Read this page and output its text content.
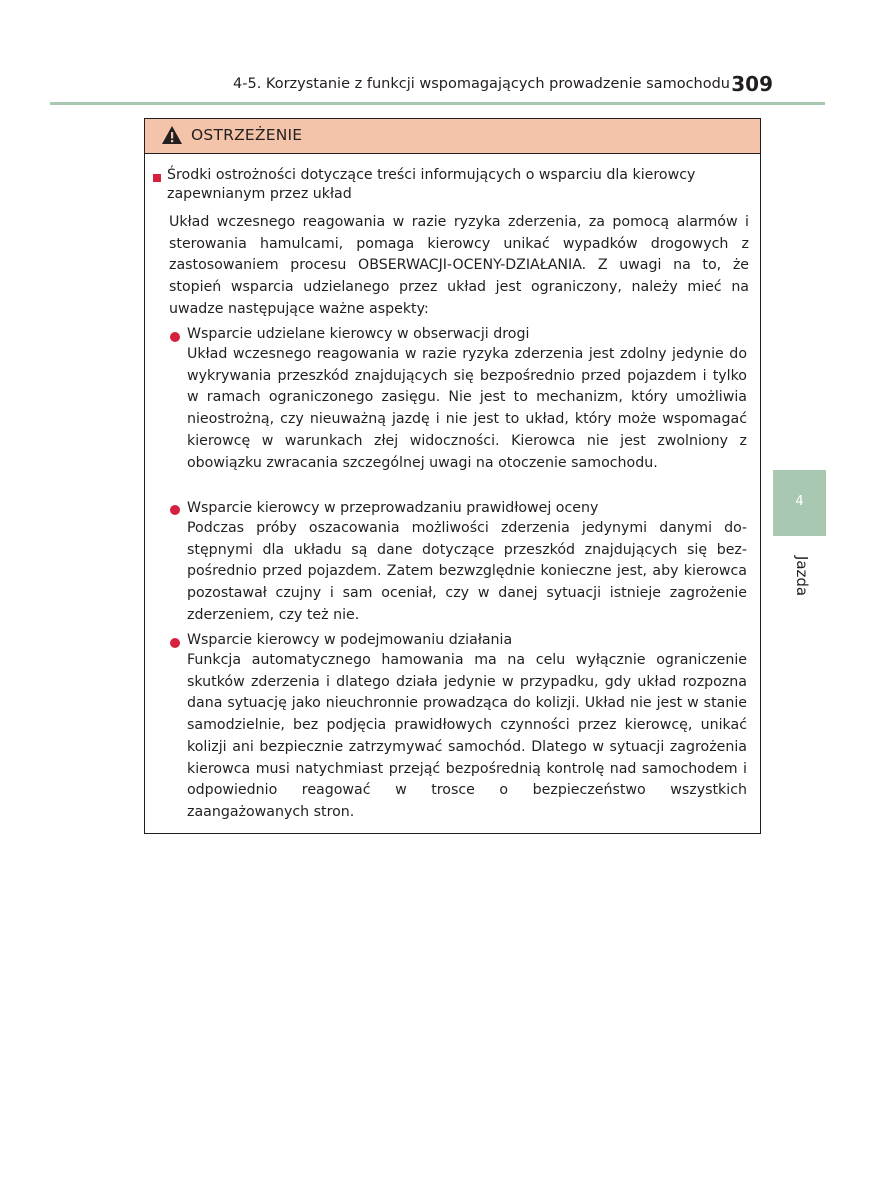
4-5. Korzystanie z funkcji wspomagających prowadzenie samochodu 309
4
Jazda
OSTRZEŻENIE
Środki ostrożności dotyczące treści informujących o wsparciu dla kierowcy zapewnianym przez układ
Układ wczesnego reagowania w razie ryzyka zderzenia, za pomocą alarmów i sterowania hamulcami, pomaga kierowcy unikać wypadków drogowych z zastosowaniem procesu OBSERWACJI-OCENY-DZIAŁANIA. Z uwagi na to, że stopień wsparcia udzielanego przez układ jest ograniczony, należy mieć na uwadze następujące ważne aspekty:
Wsparcie udzielane kierowcy w obserwacji drogi
Układ wczesnego reagowania w razie ryzyka zderzenia jest zdolny jedynie do wykrywania przeszkód znajdujących się bezpośrednio przed pojazdem i tylko w ramach ograniczonego zasięgu. Nie jest to mechanizm, który umożliwia nieostrożną, czy nieuważną jazdę i nie jest to układ, który może wspomagać kierowcę w warunkach złej widoczności. Kierowca nie jest zwolniony z obowiązku zwracania szczególnej uwagi na otoczenie samochodu.
Wsparcie kierowcy w przeprowadzaniu prawidłowej oceny
Podczas próby oszacowania możliwości zderzenia jedynymi danymi dostępnymi dla układu są dane dotyczące przeszkód znajdujących się bezpośrednio przed pojazdem. Zatem bezwzględnie konieczne jest, aby kierowca pozostawał czujny i sam oceniał, czy w danej sytuacji istnieje zagrożenie zderzeniem, czy też nie.
Wsparcie kierowcy w podejmowaniu działania
Funkcja automatycznego hamowania ma na celu wyłącznie ograniczenie skutków zderzenia i dlatego działa jedynie w przypadku, gdy układ rozpozna dana sytuację jako nieuchronnie prowadząca do kolizji. Układ nie jest w stanie samodzielnie, bez podjęcia prawidłowych czynności przez kierowcę, unikać kolizji ani bezpiecznie zatrzymywać samochód. Dlatego w sytuacji zagrożenia kierowca musi natychmiast przejąć bezpośrednią kontrolę nad samochodem i odpowiednio reagować w trosce o bezpieczeństwo wszystkich zaangażowanych stron.
